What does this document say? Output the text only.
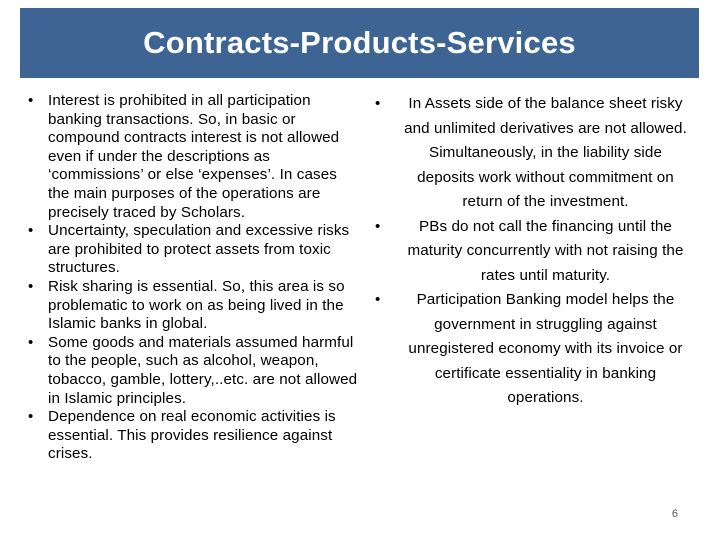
Contracts-Products-Services
• Interest is prohibited in all participation banking transactions. So, in basic or compound contracts interest is not allowed even if under the descriptions as ‘commissions’ or else ‘expenses’. In cases the main purposes of the operations are precisely traced by Scholars.
• Uncertainty, speculation and excessive risks are prohibited to protect assets from toxic structures.
• Risk sharing is essential. So, this area is so problematic to work on as being lived in the Islamic banks in global.
• Some goods and materials assumed harmful to the people, such as alcohol, weapon, tobacco, gamble, lottery,..etc. are not allowed in Islamic principles.
• Dependence on real economic activities is essential. This provides resilience against crises.
• In Assets side of the balance sheet risky and unlimited derivatives are not allowed. Simultaneously, in the liability side deposits work without commitment on return of the investment.
•	PBs do not call the financing until the maturity concurrently with not raising the rates until maturity.
• Participation Banking model helps the government in struggling against unregistered economy with its invoice or certificate essentiality in banking operations.
6
